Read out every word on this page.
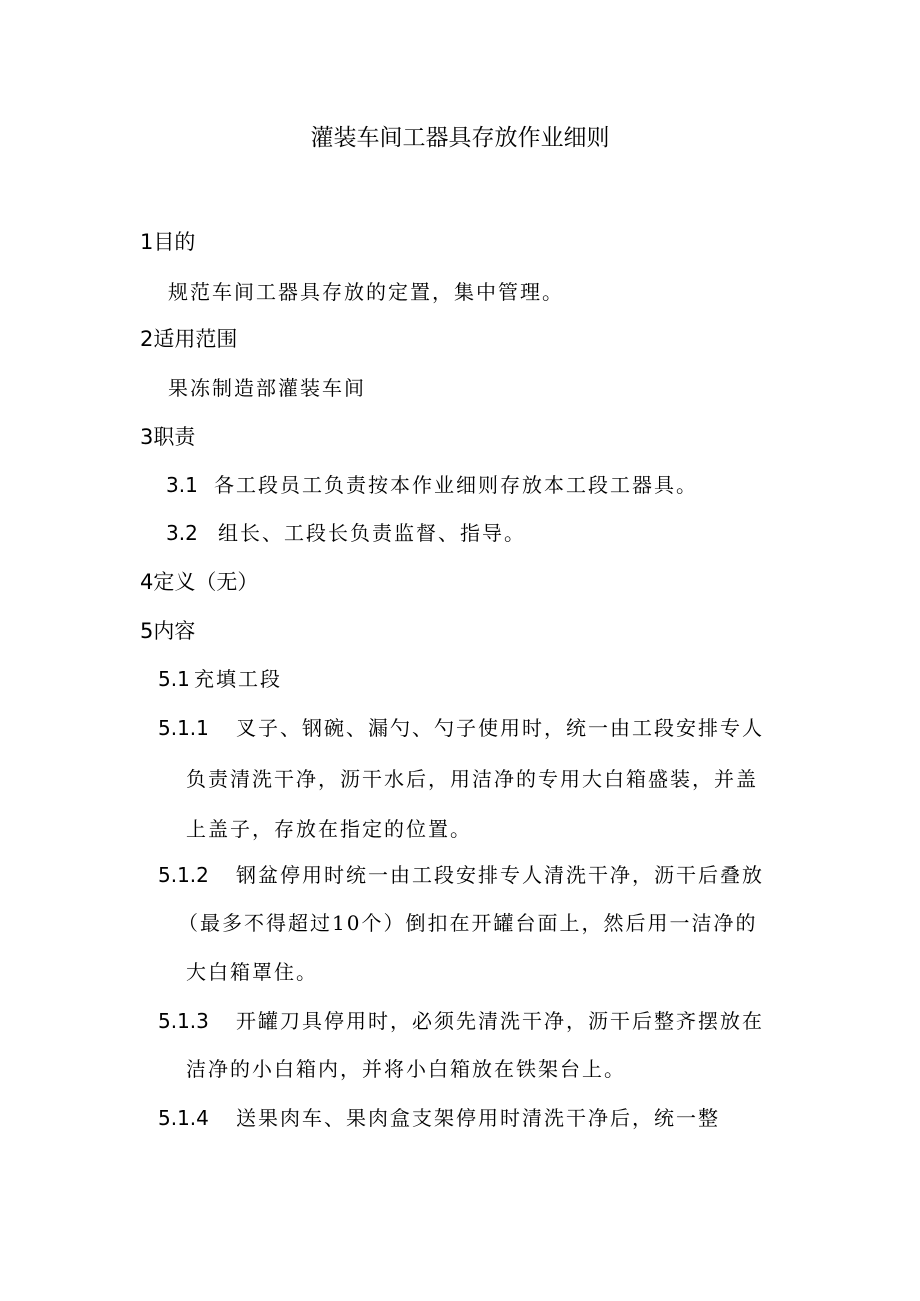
灌装车间工器具存放作业细则
1目的
规范车间工器具存放的定置，集中管理。
2适用范围
果冻制造部灌装车间
3职责
3.1 各工段员工负责按本作业细则存放本工段工器具。
3.2 组长、工段长负责监督、指导。
4定义（无）
5内容
5.1 充填工段
5.1.1 叉子、钢碗、漏勺、勺子使用时，统一由工段安排专人
负责清洗干净，沥干水后，用洁净的专用大白箱盛装，并盖
上盖子，存放在指定的位置。
5.1.2 钢盆停用时统一由工段安排专人清洗干净，沥干后叠放
（最多不得超过10个）倒扣在开罐台面上，然后用一洁净的
大白箱罩住。
5.1.3 开罐刀具停用时，必须先清洗干净，沥干后整齐摆放在
洁净的小白箱内，并将小白箱放在铁架台上。
5.1.4 送果肉车、果肉盒支架停用时清洗干净后，统一整
